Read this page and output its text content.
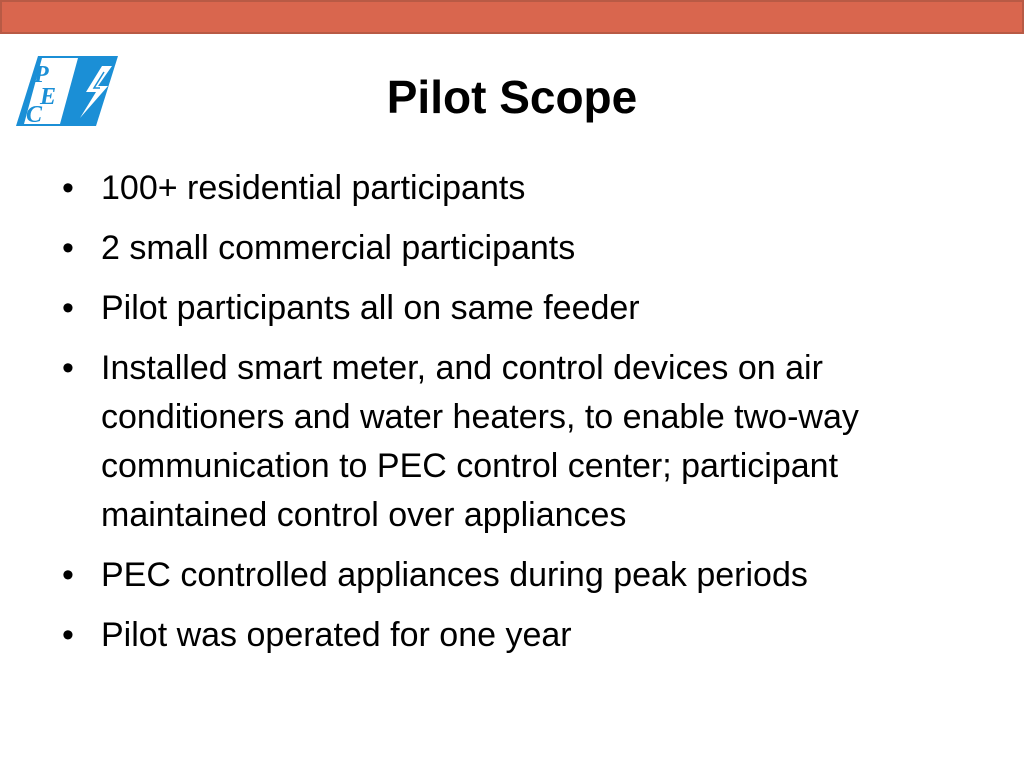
P
E
C	Pilot Scope
• 100+ residential participants
• 2 small commercial participants
• Pilot participants all on same feeder
• Installed smart meter, and control devices on air conditioners and water heaters, to enable two-way communication to PEC control center; participant maintained control over appliances
• PEC controlled appliances during peak periods
• Pilot was operated for one year
